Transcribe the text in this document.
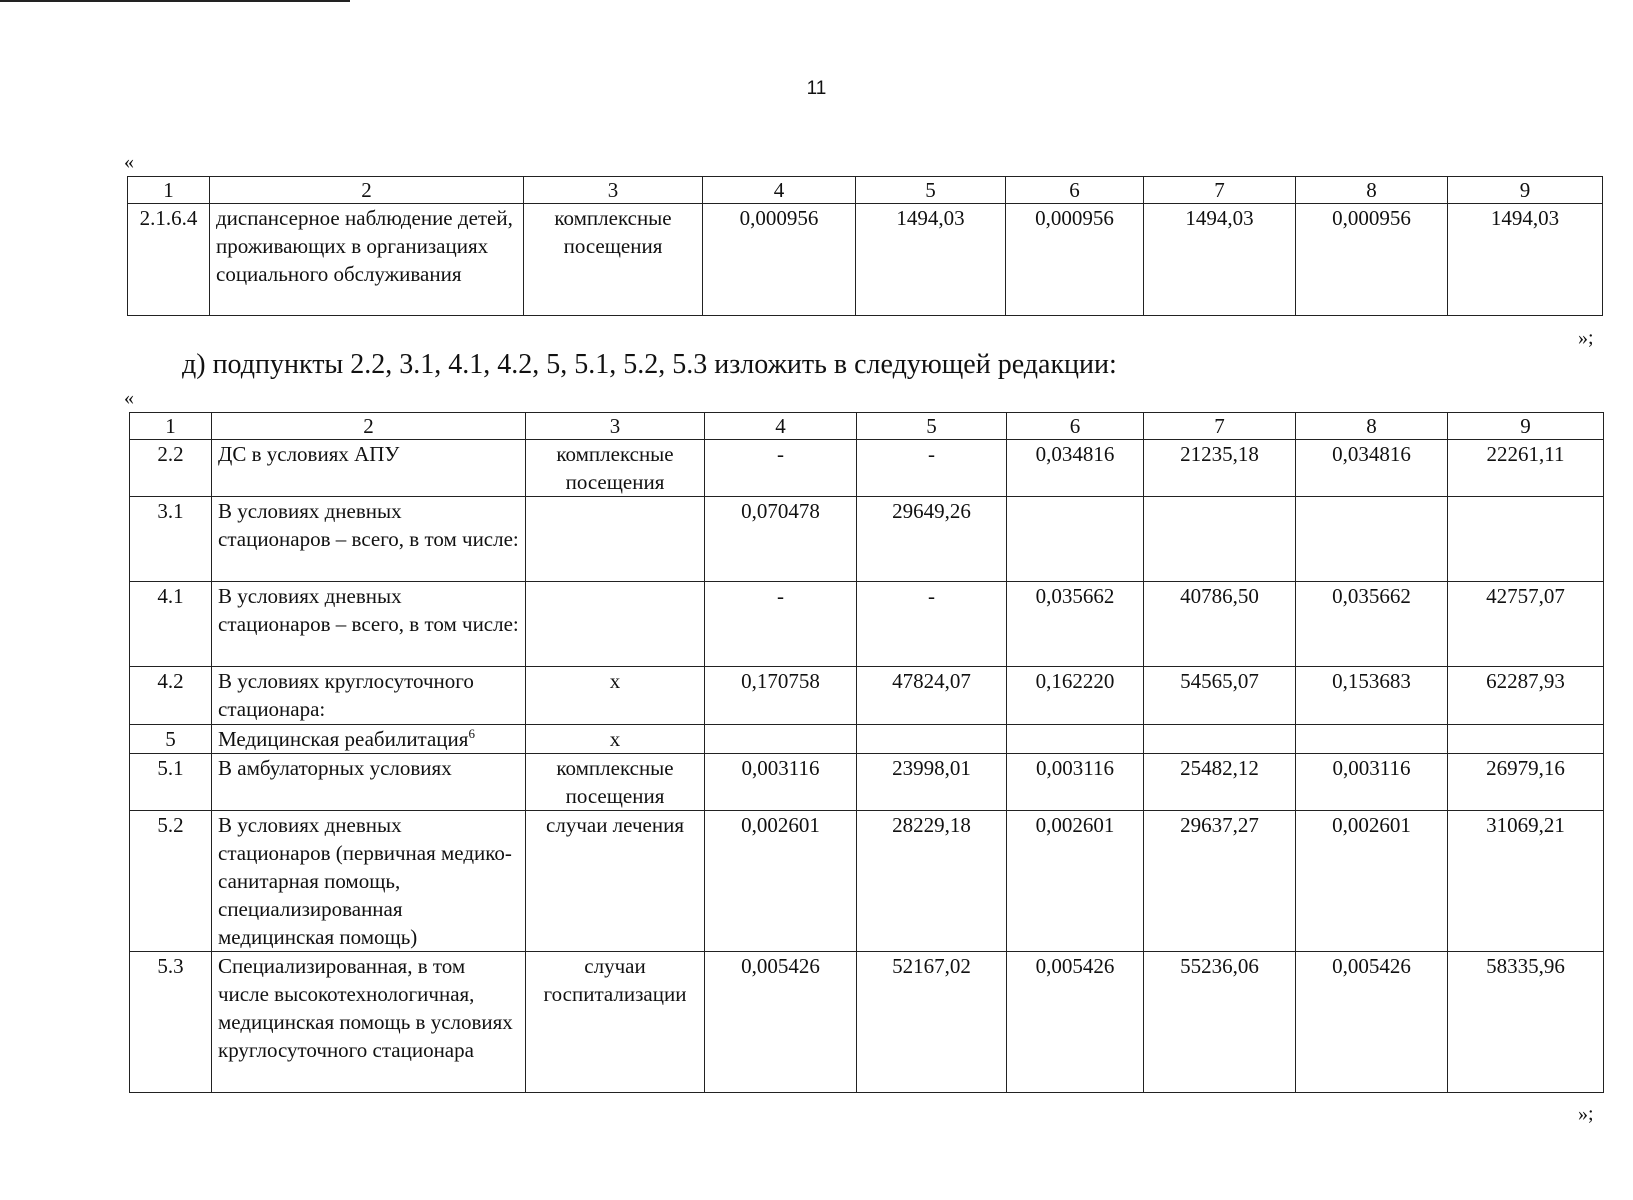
11
«
1	2	3	4	5	6	7	8	9
2.1.6.4	диспансерное наблюдение детей, проживающих в организациях социального обслуживания	комплексные посещения	0,000956	1494,03	0,000956	1494,03	0,000956	1494,03
»;
д) подпункты 2.2, 3.1, 4.1, 4.2, 5, 5.1, 5.2, 5.3 изложить в следующей редакции:
«
1	2	3	4	5	6	7	8	9
2.2	ДС в условиях АПУ	комплексные посещения	-	-	0,034816	21235,18	0,034816	22261,11
3.1	В условиях дневных стационаров – всего, в том числе:		0,070478	29649,26				
4.1	В условиях дневных стационаров – всего, в том числе:		-	-	0,035662	40786,50	0,035662	42757,07
4.2	В условиях круглосуточного стационара:	х	0,170758	47824,07	0,162220	54565,07	0,153683	62287,93
5	Медицинская реабилитация$^6$	х						
5.1	В амбулаторных условиях	комплексные посещения	0,003116	23998,01	0,003116	25482,12	0,003116	26979,16
5.2	В условиях дневных стационаров (первичная медико-санитарная помощь, специализированная медицинская помощь)	случаи лечения	0,002601	28229,18	0,002601	29637,27	0,002601	31069,21
5.3	Специализированная, в том числе высокотехнологичная, медицинская помощь в условиях круглосуточного стационара	случаи госпитализации	0,005426	52167,02	0,005426	55236,06	0,005426	58335,96
»;
